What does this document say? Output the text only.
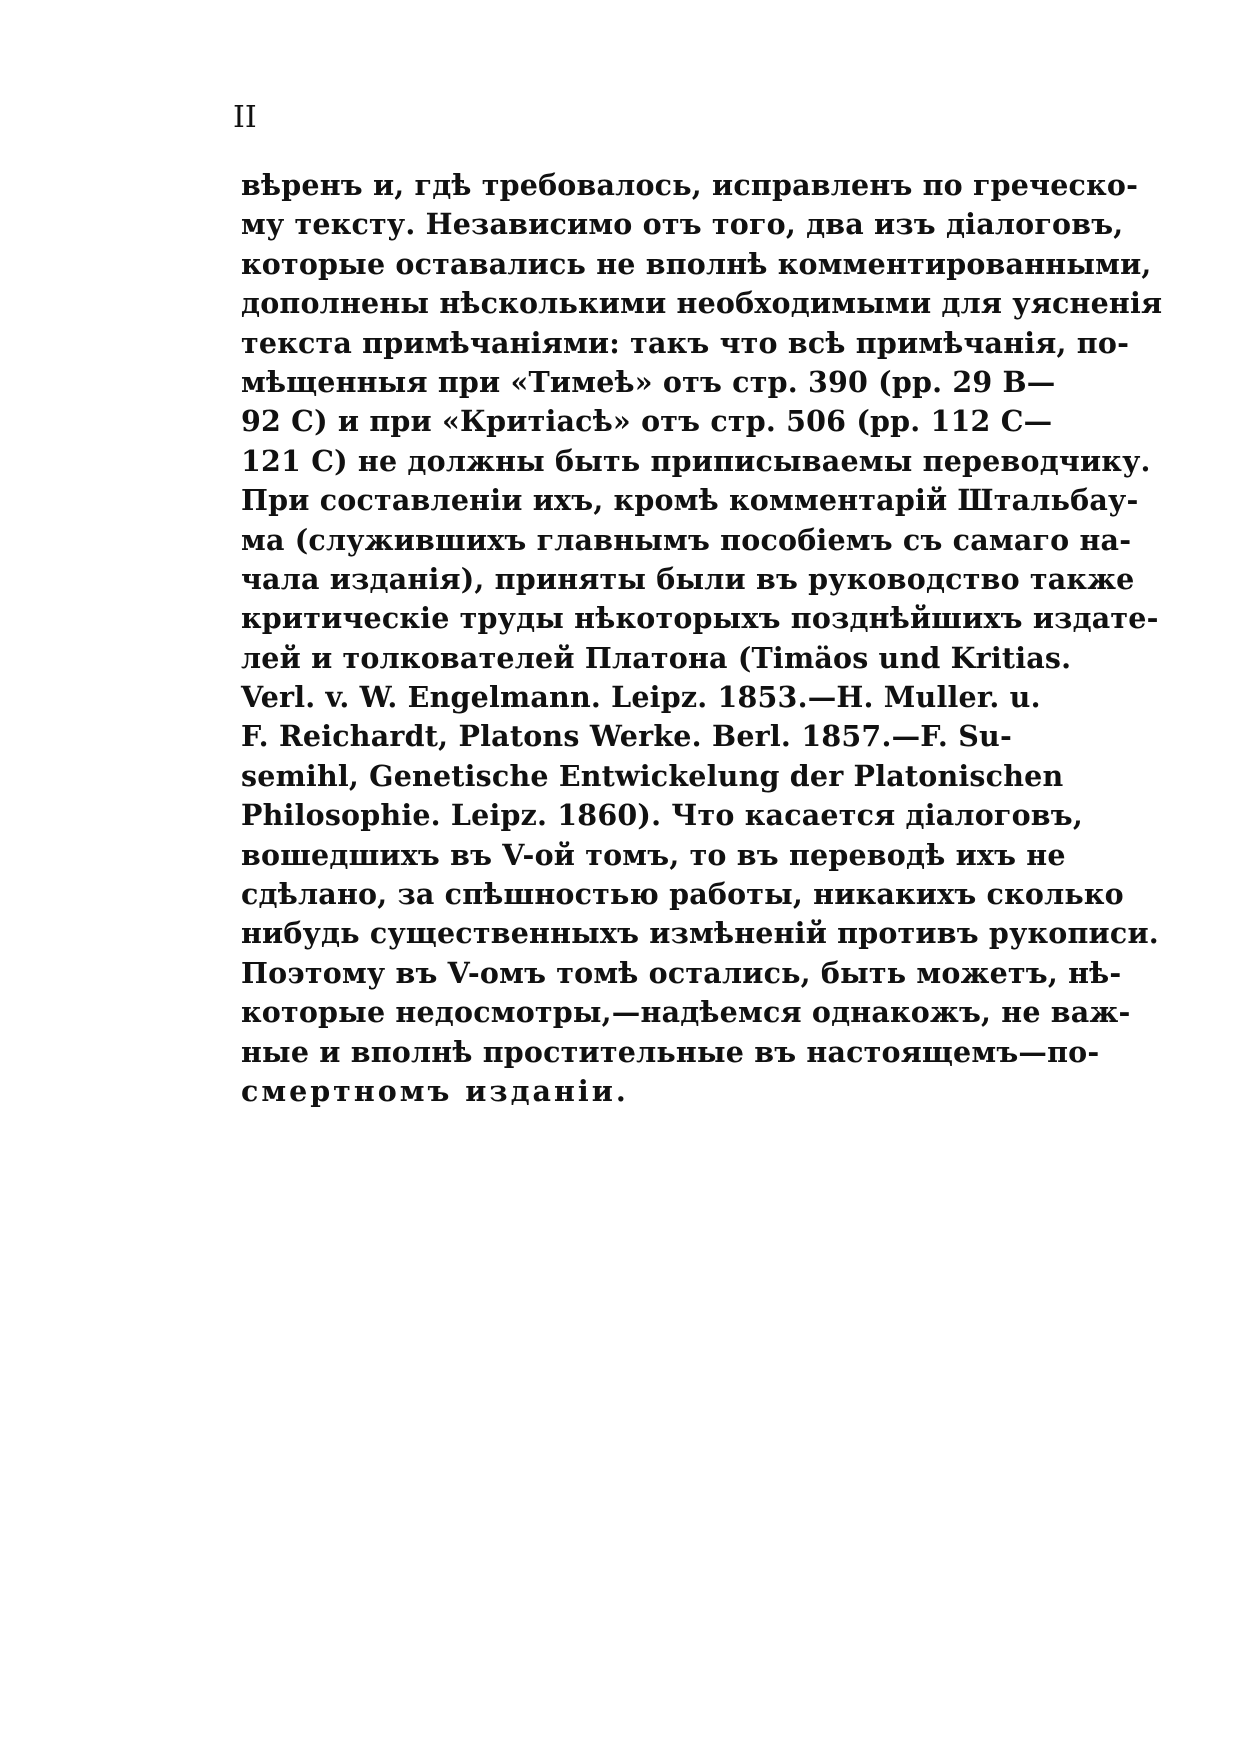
II
вѣренъ и, гдѣ требовалось, исправленъ по греческо-
му тексту. Независимо отъ того, два изъ діалоговъ,
которые оставались не вполнѣ комментированными,
дополнены нѣсколькими необходимыми для уясненія
текста примѣчаніями: такъ что всѣ примѣчанія, по-
мѣщенныя при «Тимеѣ» отъ стр. 390 (pp. 29 B—
92 C) и при «Критіасѣ» отъ стр. 506 (pp. 112 C—
121 C) не должны быть приписываемы переводчику.
При составленіи ихъ, кромѣ комментарій Штальбау-
ма (служившихъ главнымъ пособіемъ съ самаго на-
чала изданія), приняты были въ руководство также
критическіе труды нѣкоторыхъ позднѣйшихъ издате-
лей и толкователей Платона (Timäos und Kritias.
Verl. v. W. Engelmann. Leipz. 1853.—H. Muller. u.
F. Reichardt, Platons Werke. Berl. 1857.—F. Su-
semihl, Genetische Entwickelung der Platonischen
Philosophie. Leipz. 1860). Что касается діалоговъ,
вошедшихъ въ V-ой томъ, то въ переводѣ ихъ не
сдѣлано, за спѣшностью работы, никакихъ сколько
нибудь существенныхъ измѣненій противъ рукописи.
Поэтому въ V-омъ томѣ остались, быть можетъ, нѣ-
которые недосмотры,—надѣемся однакожъ, не важ-
ные и вполнѣ простительные въ настоящемъ—по-
смертномъ изданіи.
